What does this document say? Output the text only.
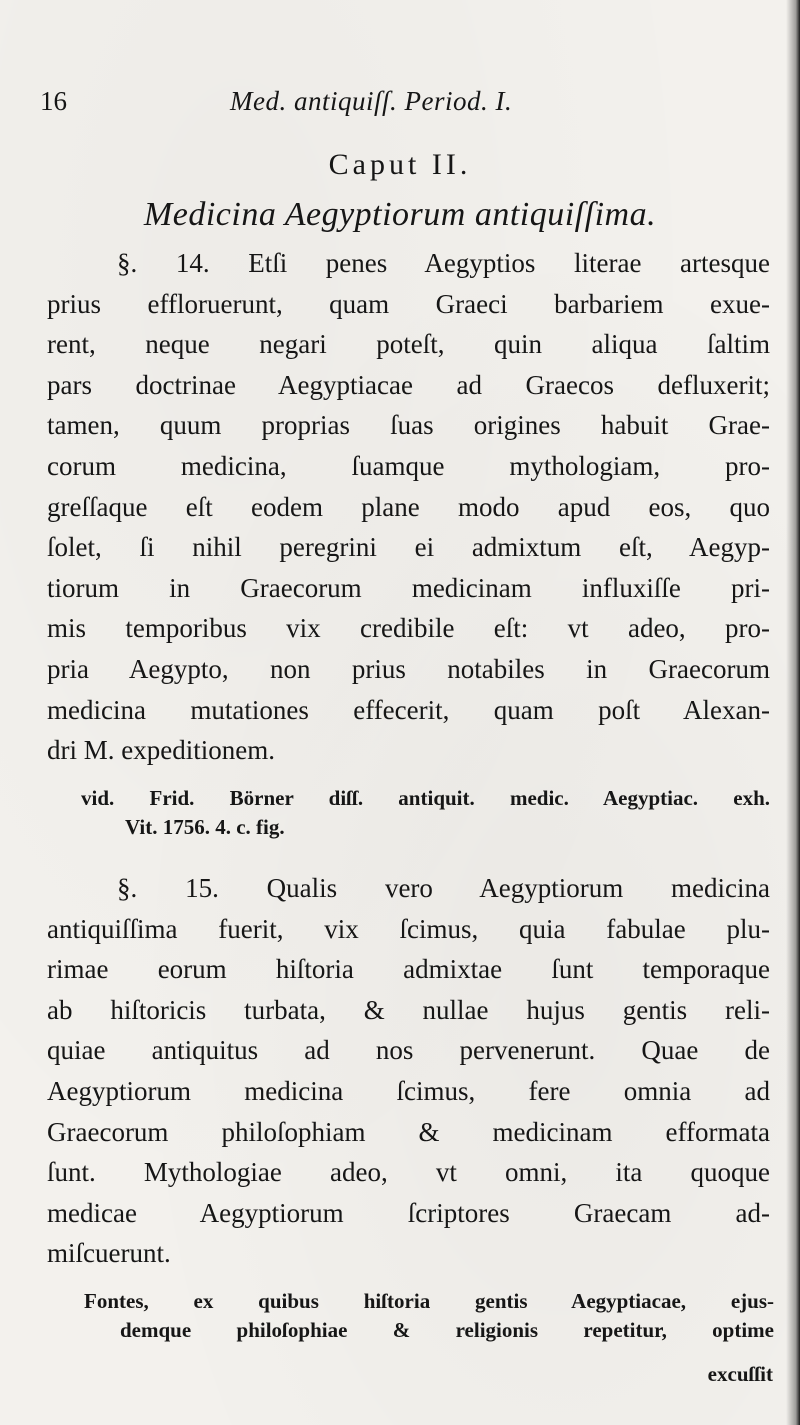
16	Med. antiquiſſ. Period. I.
Caput II.
Medicina Aegyptiorum antiquiſſima.
§. 14. Etſi penes Aegyptios literae artesque
prius effloruerunt, quam Graeci barbariem exue-
rent, neque negari poteſt, quin aliqua ſaltim
pars doctrinae Aegyptiacae ad Graecos defluxerit;
tamen, quum proprias ſuas origines habuit Grae-
corum medicina, ſuamque mythologiam, pro-
greſſaque eſt eodem plane modo apud eos, quo
ſolet, ſi nihil peregrini ei admixtum eſt, Aegyp-
tiorum in Graecorum medicinam influxiſſe pri-
mis temporibus vix credibile eſt: vt adeo, pro-
pria Aegypto, non prius notabiles in Graecorum
medicina mutationes effecerit, quam poſt Alexan-
dri M. expeditionem.
vid. Frid. Börner diſſ. antiquit. medic. Aegyptiac. exh.
Vit. 1756. 4. c. fig.
§. 15. Qualis vero Aegyptiorum medicina
antiquiſſima fuerit, vix ſcimus, quia fabulae plu-
rimae eorum hiſtoria admixtae ſunt temporaque
ab hiſtoricis turbata, & nullae hujus gentis reli-
quiae antiquitus ad nos pervenerunt. Quae de
Aegyptiorum medicina ſcimus, fere omnia ad
Graecorum philoſophiam & medicinam efformata
ſunt. Mythologiae adeo, vt omni, ita quoque
medicae Aegyptiorum ſcriptores Graecam ad-
miſcuerunt.
Fontes, ex quibus hiſtoria gentis Aegyptiacae, ejus-
demque philoſophiae & religionis repetitur, optime
excuſſit
